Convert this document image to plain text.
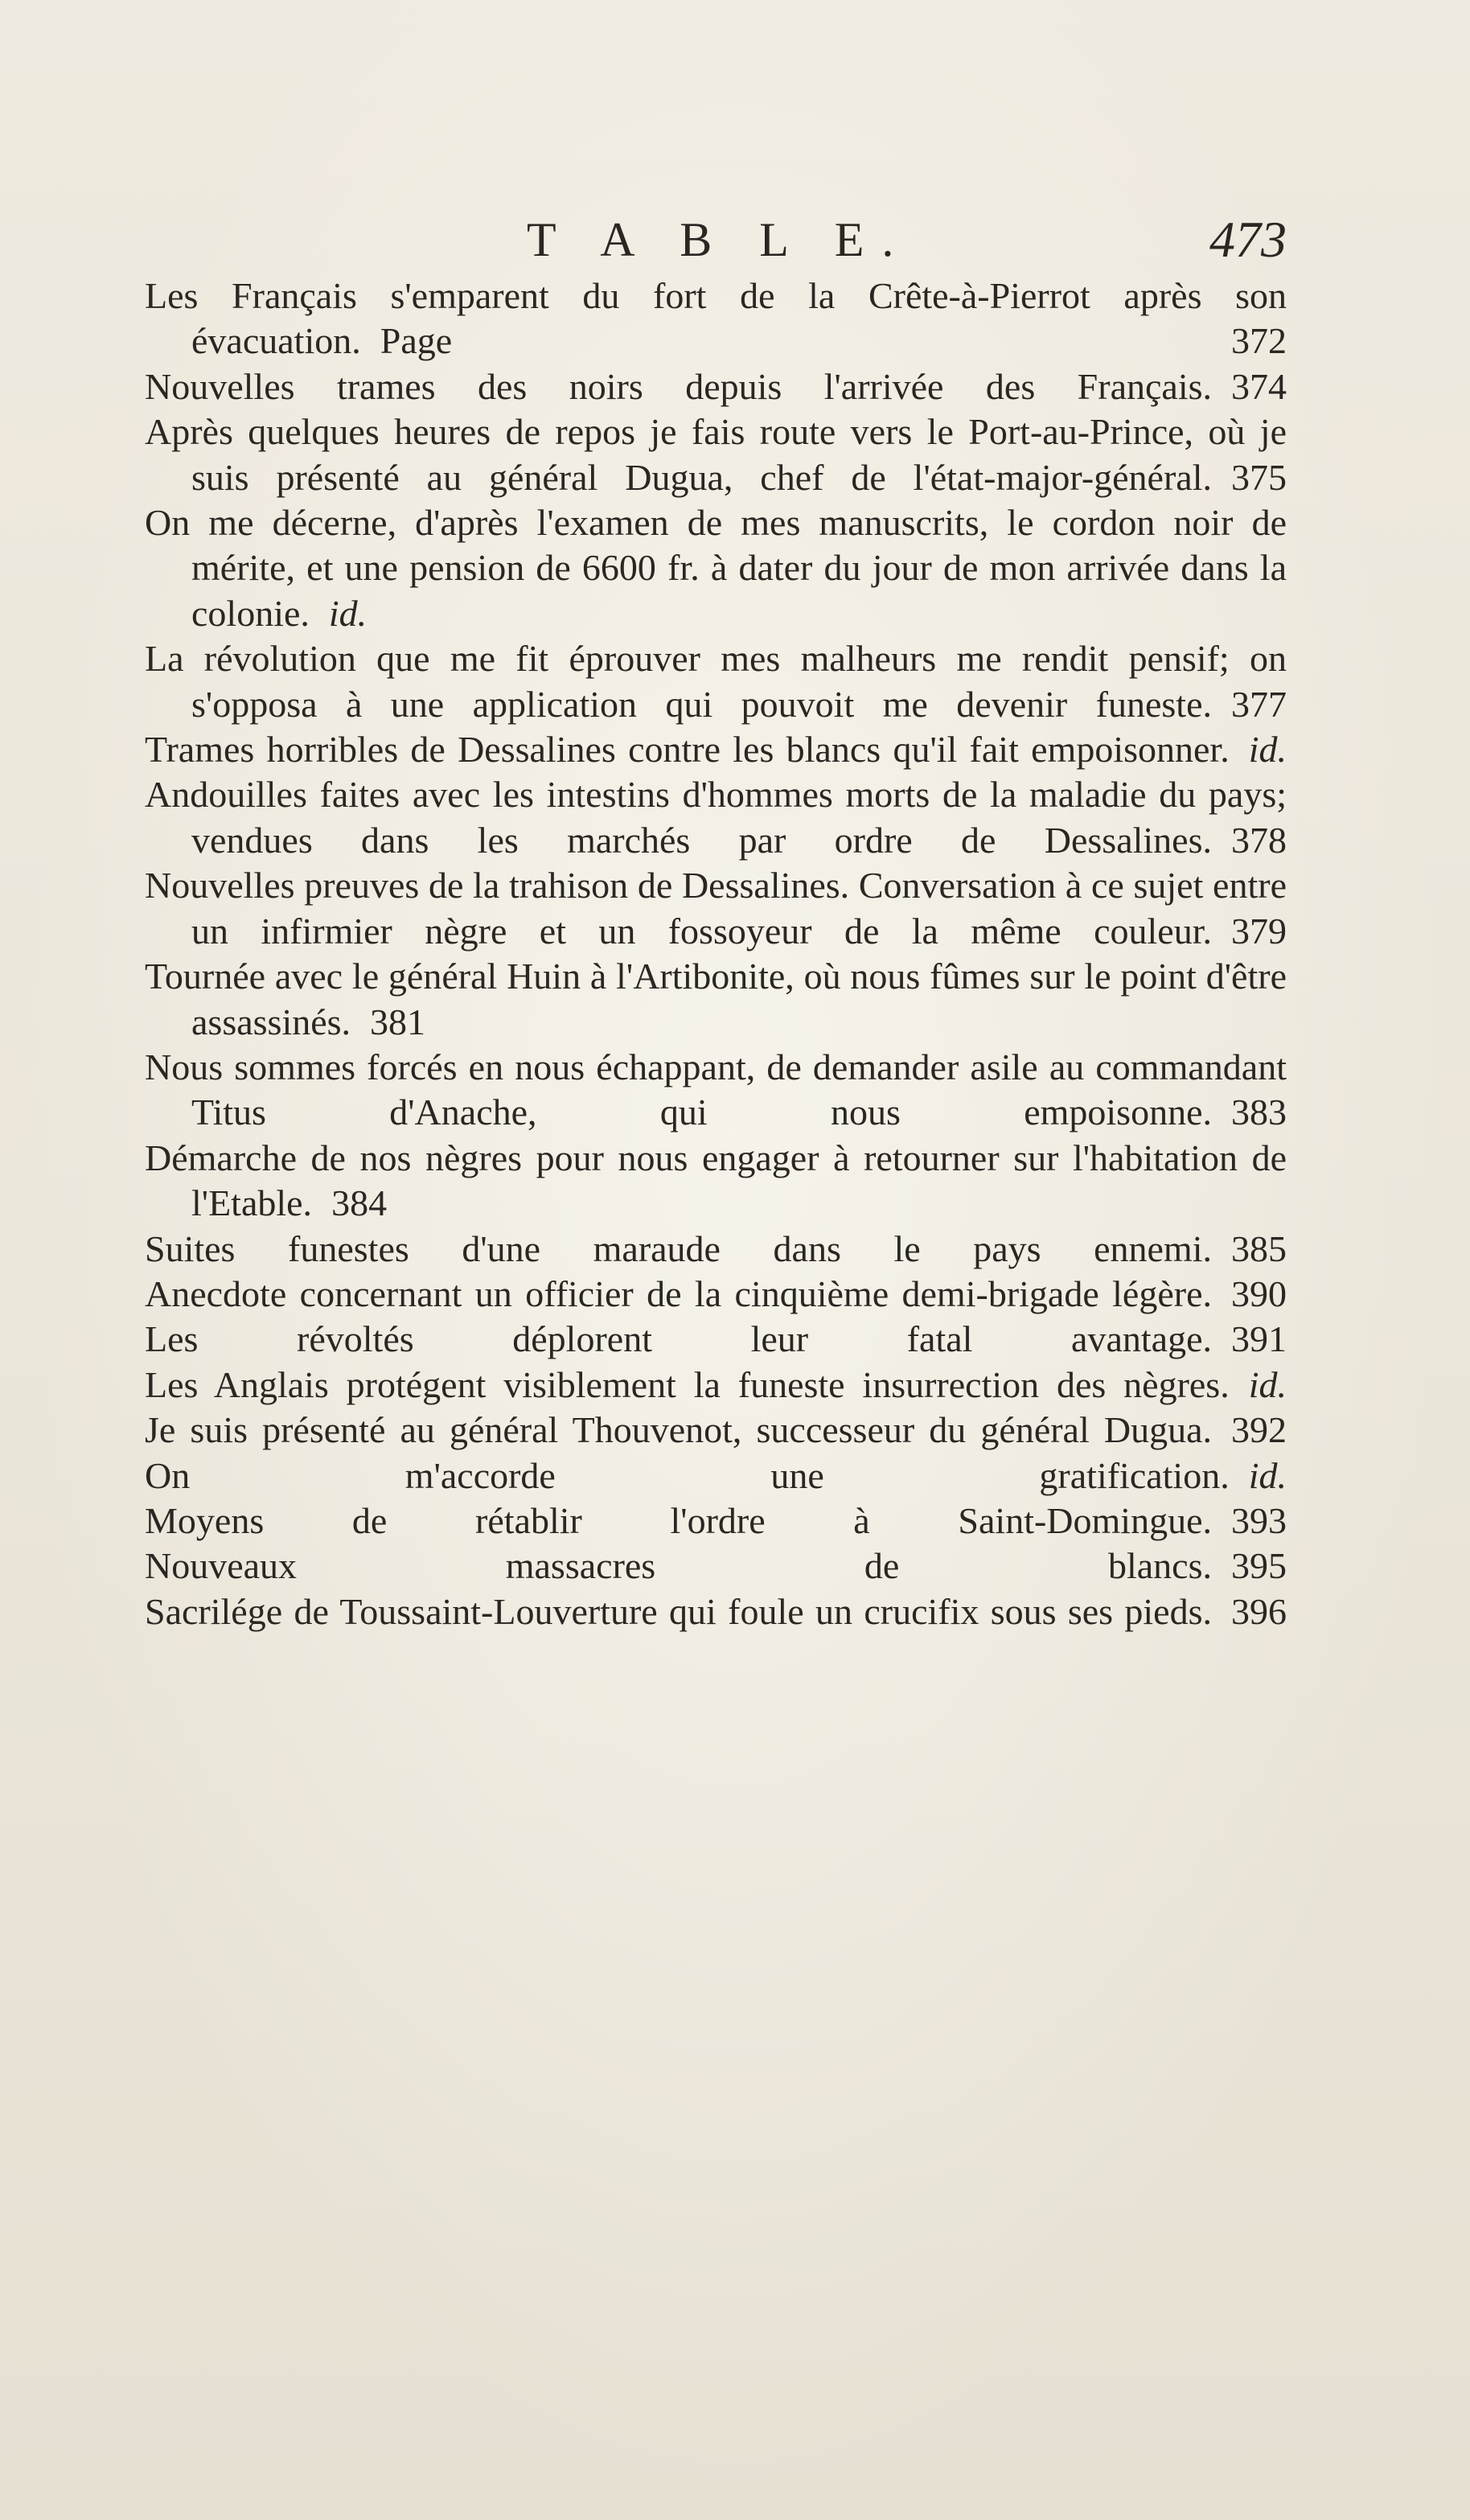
T A B L E.	473
Les Français s'emparent du fort de la Crête-à-Pierrot après son évacuation. Page 372
Nouvelles trames des noirs depuis l'arrivée des Français. 374
Après quelques heures de repos je fais route vers le Port-au-Prince, où je suis présenté au général Dugua, chef de l'état-major-général. 375
On me décerne, d'après l'examen de mes manuscrits, le cordon noir de mérite, et une pension de 6600 fr. à dater du jour de mon arrivée dans la colonie. id.
La révolution que me fit éprouver mes malheurs me rendit pensif; on s'opposa à une application qui pouvoit me devenir funeste. 377
Trames horribles de Dessalines contre les blancs qu'il fait empoisonner. id.
Andouilles faites avec les intestins d'hommes morts de la maladie du pays; vendues dans les marchés par ordre de Dessalines. 378
Nouvelles preuves de la trahison de Dessalines. Conversation à ce sujet entre un infirmier nègre et un fossoyeur de la même couleur. 379
Tournée avec le général Huin à l'Artibonite, où nous fûmes sur le point d'être assassinés. 381
Nous sommes forcés en nous échappant, de demander asile au commandant Titus d'Anache, qui nous empoisonne. 383
Démarche de nos nègres pour nous engager à retourner sur l'habitation de l'Etable. 384
Suites funestes d'une maraude dans le pays ennemi. 385
Anecdote concernant un officier de la cinquième demi-brigade légère. 390
Les révoltés déplorent leur fatal avantage. 391
Les Anglais protégent visiblement la funeste insurrection des nègres. id.
Je suis présenté au général Thouvenot, successeur du général Dugua. 392
On m'accorde une gratification. id.
Moyens de rétablir l'ordre à Saint-Domingue. 393
Nouveaux massacres de blancs. 395
Sacrilége de Toussaint-Louverture qui foule un crucifix sous ses pieds. 396
